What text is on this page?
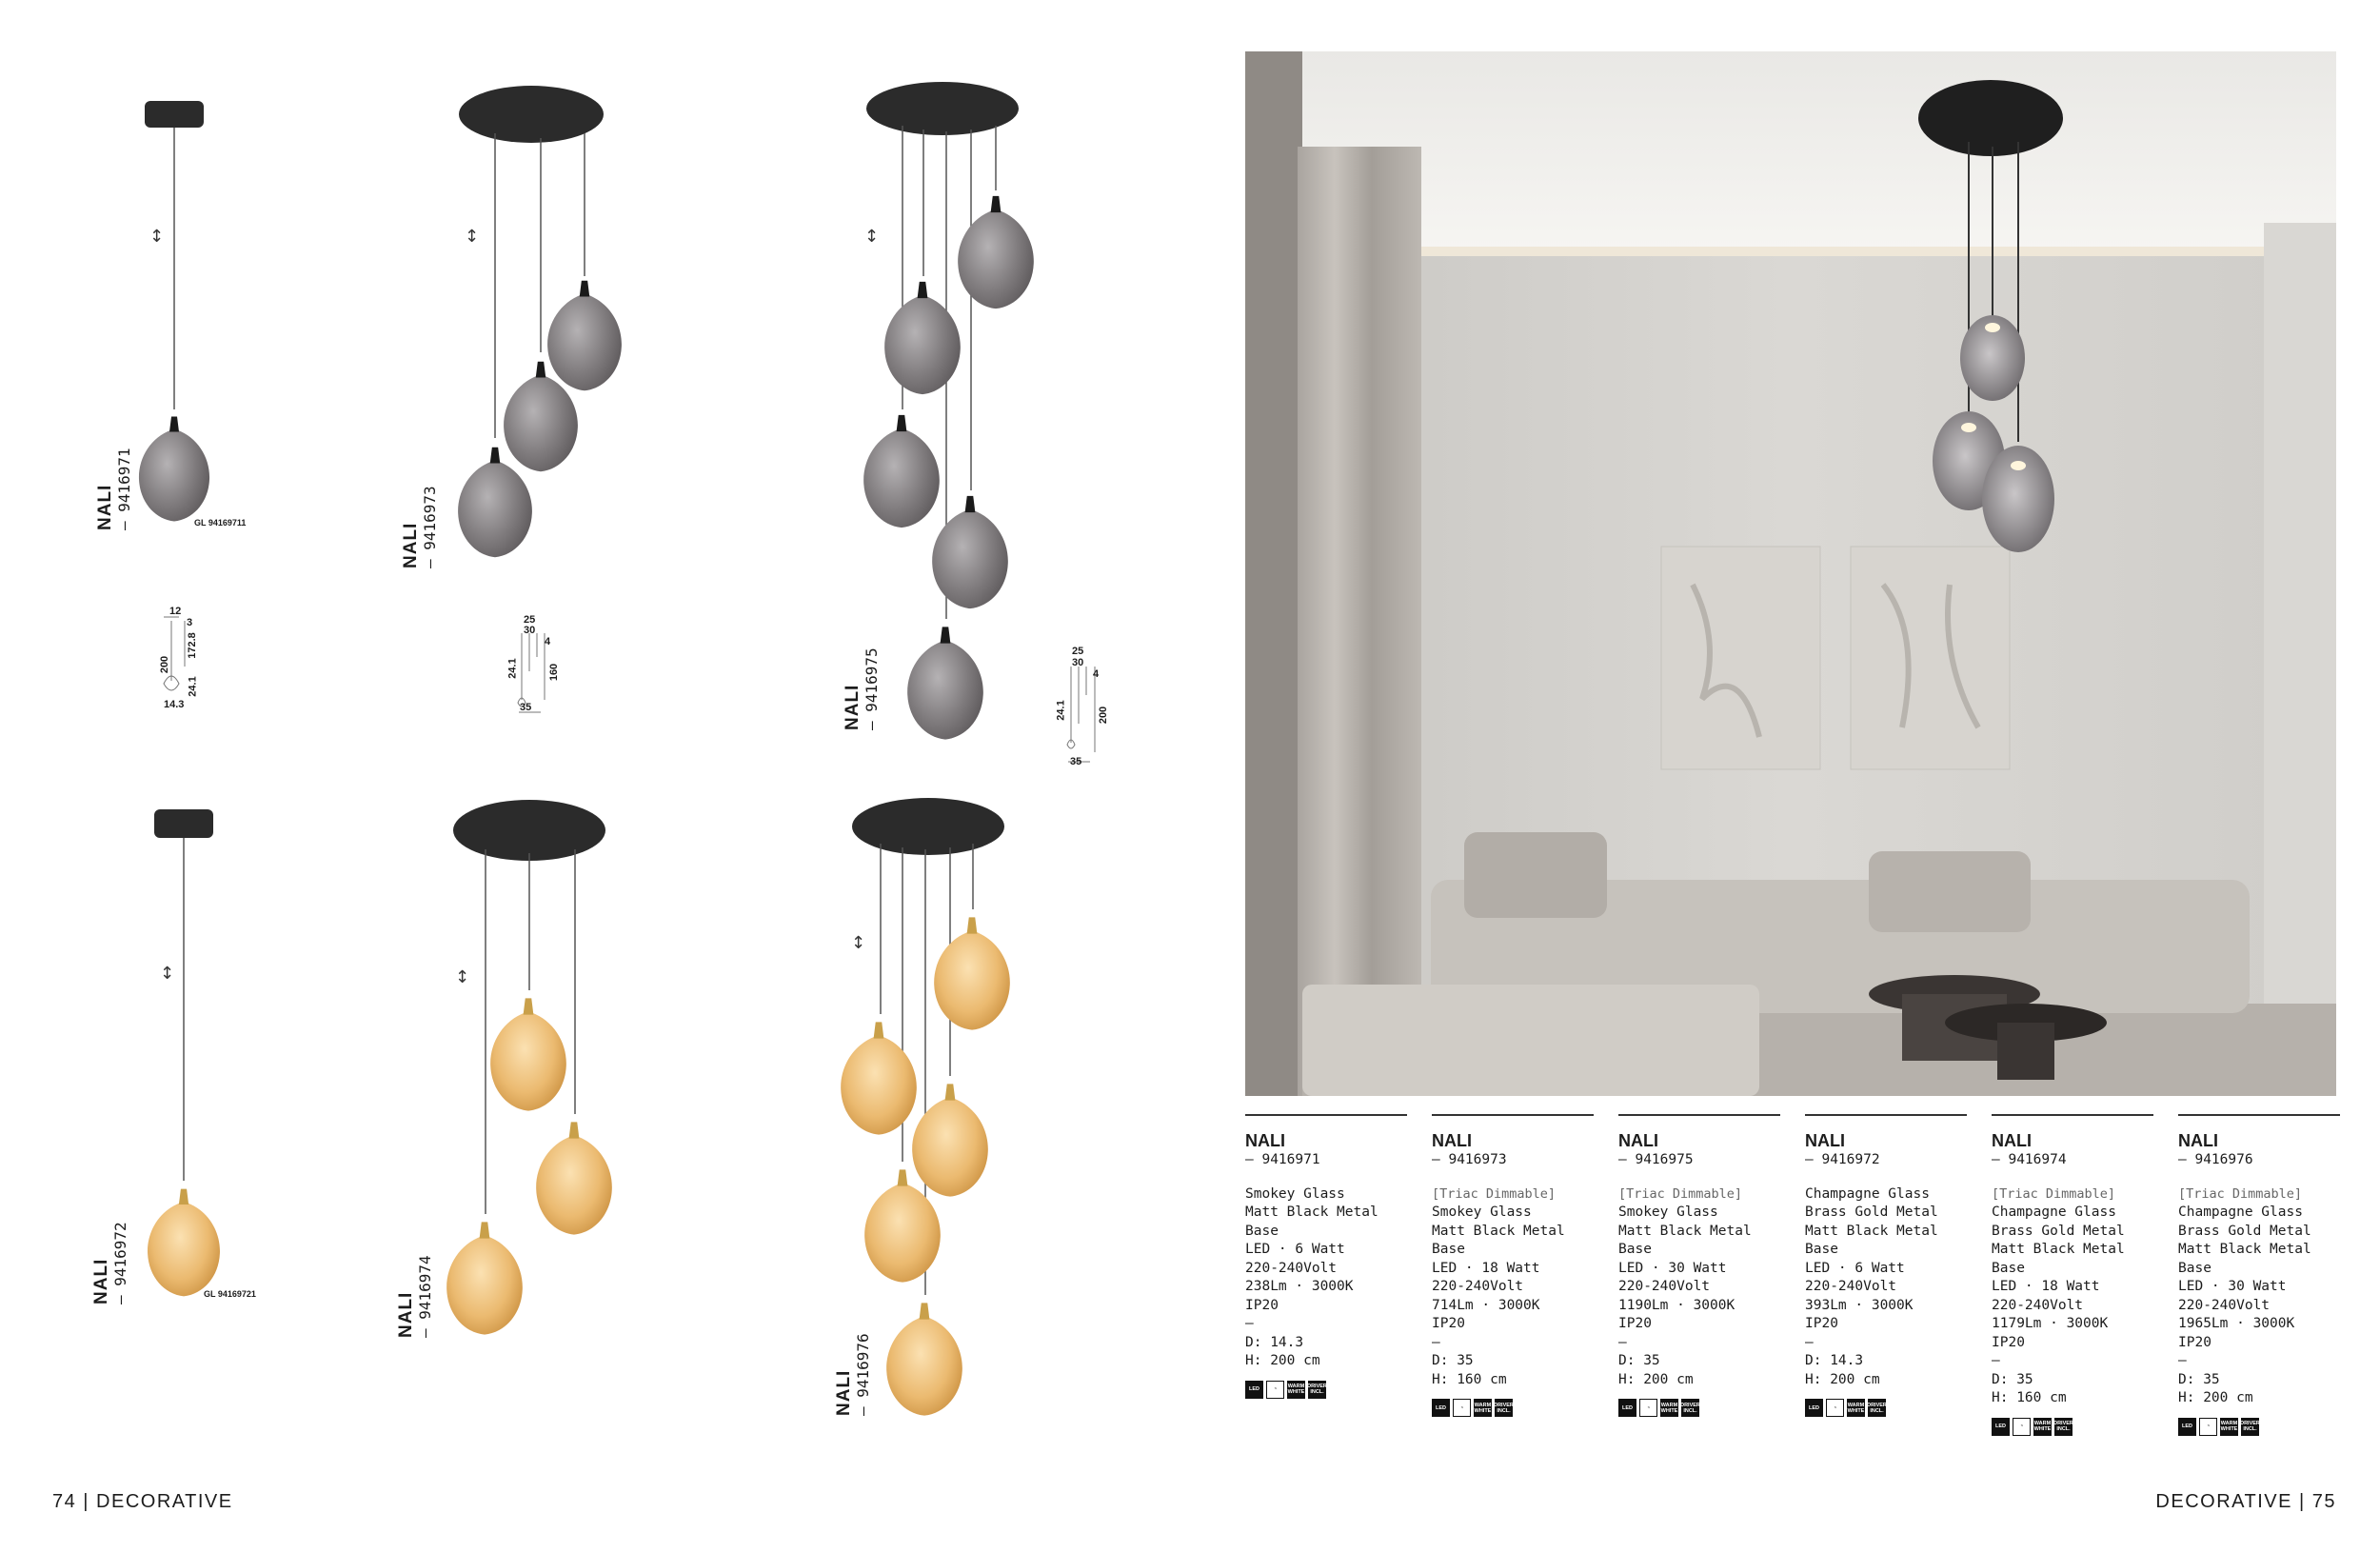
NALI — 9416971
NALI — 9416973
NALI — 9416975
NALI — 9416972
NALI — 9416974
NALI — 9416976
GL 94169711
GL 94169721
↕	↕	↕
↕	↕
↕
12
3
200
172.8
24.1
14.3
25
30
4
24.1	160
35
25
30
4
24.1	200
35
NALI
— 9416971
Smokey Glass
Matt Black Metal
Base
LED · 6 Watt
220-240Volt
238Lm · 3000K
IP20
—
D: 14.3
H: 200 cm
LED	◔	WARM WHITE
DRIVER INCL.
NALI
— 9416973
[Triac Dimmable]
Smokey Glass
Matt Black Metal
Base
LED · 18 Watt
220-240Volt
714Lm · 3000K
IP20
—
D: 35
H: 160 cm
LED	◔	WARM WHITE
DRIVER INCL.
NALI
— 9416975
[Triac Dimmable]
Smokey Glass
Matt Black Metal
Base
LED · 30 Watt
220-240Volt
1190Lm · 3000K
IP20
—
D: 35
H: 200 cm
LED	◔	WARM WHITE
DRIVER INCL.
NALI
— 9416972
Champagne Glass
Brass Gold Metal
Matt Black Metal
Base
LED · 6 Watt
220-240Volt
393Lm · 3000K
IP20
—
D: 14.3
H: 200 cm
LED	◔	WARM WHITE
DRIVER INCL.
NALI
— 9416974
[Triac Dimmable]
Champagne Glass
Brass Gold Metal
Matt Black Metal
Base
LED · 18 Watt
220-240Volt
1179Lm · 3000K
IP20
—
D: 35
H: 160 cm
LED	◔	WARM WHITE
DRIVER INCL.
NALI
— 9416976
[Triac Dimmable]
Champagne Glass
Brass Gold Metal
Matt Black Metal
Base
LED · 30 Watt
220-240Volt
1965Lm · 3000K
IP20
—
D: 35
H: 200 cm
LED	◔	WARM WHITE
DRIVER INCL.
74 | DECORATIVE	DECORATIVE | 75
